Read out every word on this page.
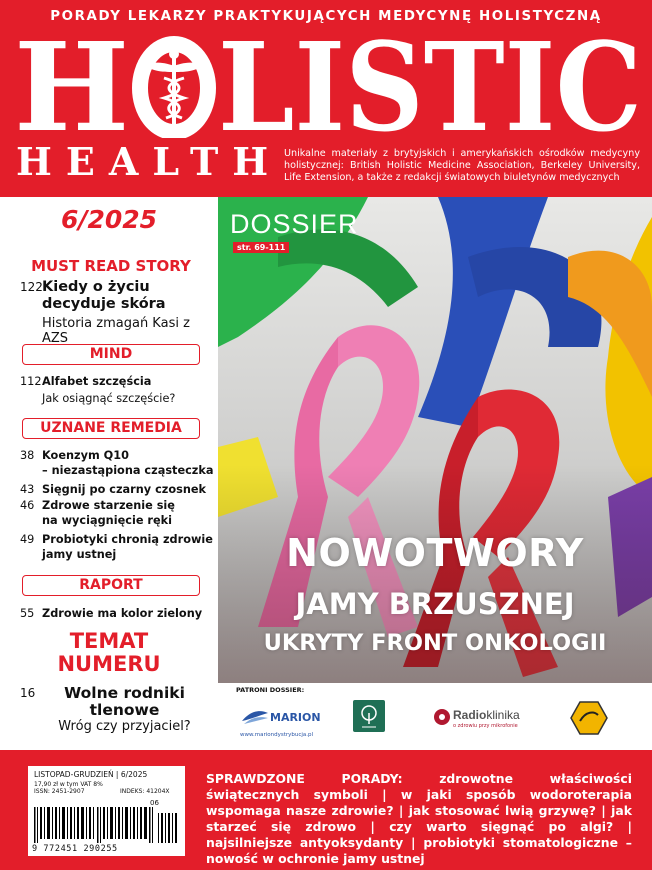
PORADY LEKARZY PRAKTYKUJĄCYCH MEDYCYNĘ HOLISTYCZNĄ
H LISTIC
HEALTH Unikalne materiały z brytyjskich i amerykańskich ośrodków medycyny holistycznej: British Holistic Medicine Association, Berkeley University, Life Extension, a także z redakcji światowych biuletynów medycznych
6/2025
MUST READ STORY
122 Kiedy o życiu
decyduje skóra
Historia zmagań Kasi z AZS
MIND
112 Alfabet szczęścia
Jak osiągnąć szczęście?
UZNANE REMEDIA
38 Koenzym Q10
– niezastąpiona cząsteczka
43 Sięgnij po czarny czosnek
46 Zdrowe starzenie się
na wyciągnięcie ręki
49 Probiotyki chronią zdrowie
jamy ustnej
RAPORT
55 Zdrowie ma kolor zielony
TEMAT
NUMERU
16	Wolne rodniki
tlenowe
Wróg czy przyjaciel?
DOSSIER
str. 69-111
NOWOTWORY
JAMY BRZUSZNEJ
UKRYTY FRONT ONKOLOGII
PATRONI DOSSIER:
MARION
www.mariondystrybucja.pl
Radioklinika
o zdrowiu przy mikrofonie
LISTOPAD-GRUDZIEŃ | 6/2025
17,90 zł w tym VAT 8%
ISSN: 2451-2907	INDEKS: 41204X
06
9 772451 290255
SPRAWDZONE PORADY:	zdrowotne właściwości świątecznych symboli | w jaki sposób wodoroterapia wspomaga nasze zdrowie? | jak stosować lwią grzywę? | jak starzeć się zdrowo | czy warto sięgnąć po algi? | najsilniejsze antyoksydanty | probiotyki stomatologiczne – nowość w ochronie jamy ustnej
